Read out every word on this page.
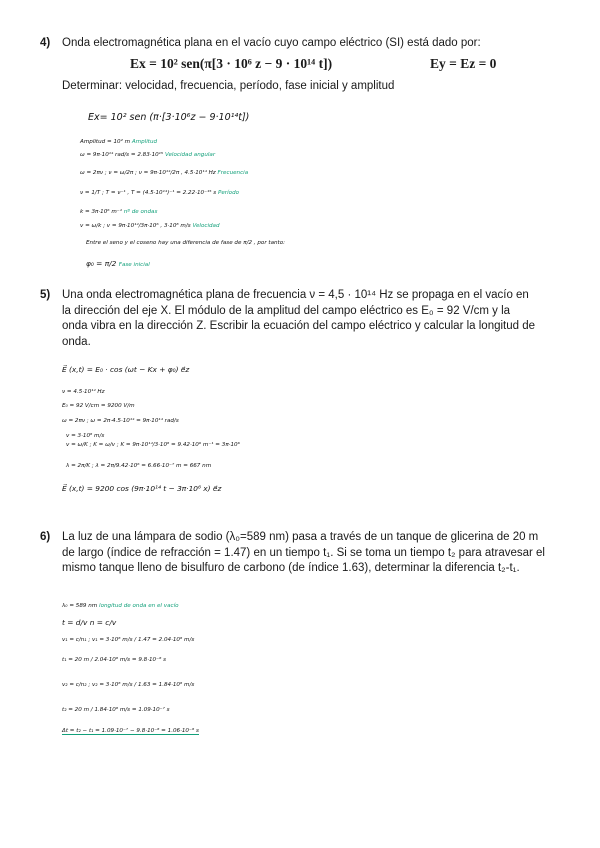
4) Onda electromagnética plana en el vacío cuyo campo eléctrico (SI) está dado por:
Ex = 10² sen(π[3 · 10⁶ z − 9 · 10¹⁴ t])	Ey = Ez = 0
Determinar: velocidad, frecuencia, período, fase inicial y amplitud
Ex= 10² sen (π·[3·10⁶z − 9·10¹⁴t])
Amplitud = 10² m Amplitud
ω = 9π·10¹⁴ rad/s = 2.83·10¹⁵ Velocidad angular
ω = 2πν ; ν = ω/2π ; ν = 9π·10¹⁴/2π , 4.5·10¹⁴ Hz Frecuencia
ν = 1/T ; T = ν⁻¹ , T = (4.5·10¹⁴)⁻¹ = 2.22·10⁻¹⁵ s Período
k = 3π·10⁶ m⁻¹ nº de ondas
v = ω/k ; v = 9π·10¹⁴/3π·10⁶ , 3·10⁸ m/s Velocidad
Entre el seno y el coseno hay una diferencia de fase de π/2 , por tanto:
φ₀ = π/2 Fase inicial
5) Una onda electromagnética plana de frecuencia ν = 4,5 · 10¹⁴ Hz se propaga en el vacío en la dirección del eje X. El módulo de la amplitud del campo eléctrico es E₀ = 92 V/cm y la onda vibra en la dirección Z. Escribir la ecuación del campo eléctrico y calcular la longitud de onda.
E⃗ (x,t) = E₀ · cos (ωt − Kx + φ₀) e⃗z
ν = 4.5·10¹⁴ Hz
E₀ = 92 V/cm = 9200 V/m
ω = 2πν ; ω = 2π·4.5·10¹⁴ = 9π·10¹⁴ rad/s
v = 3·10⁸ m/s
v = ω/K ; K = ω/v ; K = 9π·10¹⁴/3·10⁸ = 9.42·10⁶ m⁻¹ = 3π·10⁶
λ = 2π/K ; λ = 2π/9.42·10⁶ = 6.66·10⁻⁷ m = 667 nm
E⃗ (x,t) = 9200 cos (9π·10¹⁴ t − 3π·10⁶ x) e⃗z
6) La luz de una lámpara de sodio (λ₀=589 nm) pasa a través de un tanque de glicerina de 20 m de largo (índice de refracción = 1.47) en un tiempo t₁. Si se toma un tiempo t₂ para atravesar el mismo tanque lleno de bisulfuro de carbono (de índice 1.63), determinar la diferencia t₂-t₁.
λ₀ = 589 nm longitud de onda en el vacío
t = d/v n = c/v
v₁ = c/n₁ ; v₁ = 3·10⁸ m/s / 1.47 = 2.04·10⁸ m/s
t₁ = 20 m / 2.04·10⁸ m/s = 9.8·10⁻⁸ s
v₂ = c/n₂ ; v₂ = 3·10⁸ m/s / 1.63 = 1.84·10⁸ m/s
t₂ = 20 m / 1.84·10⁸ m/s = 1.09·10⁻⁷ s
Δt = t₂ − t₁ = 1.09·10⁻⁷ − 9.8·10⁻⁸ = 1.06·10⁻⁸ s
